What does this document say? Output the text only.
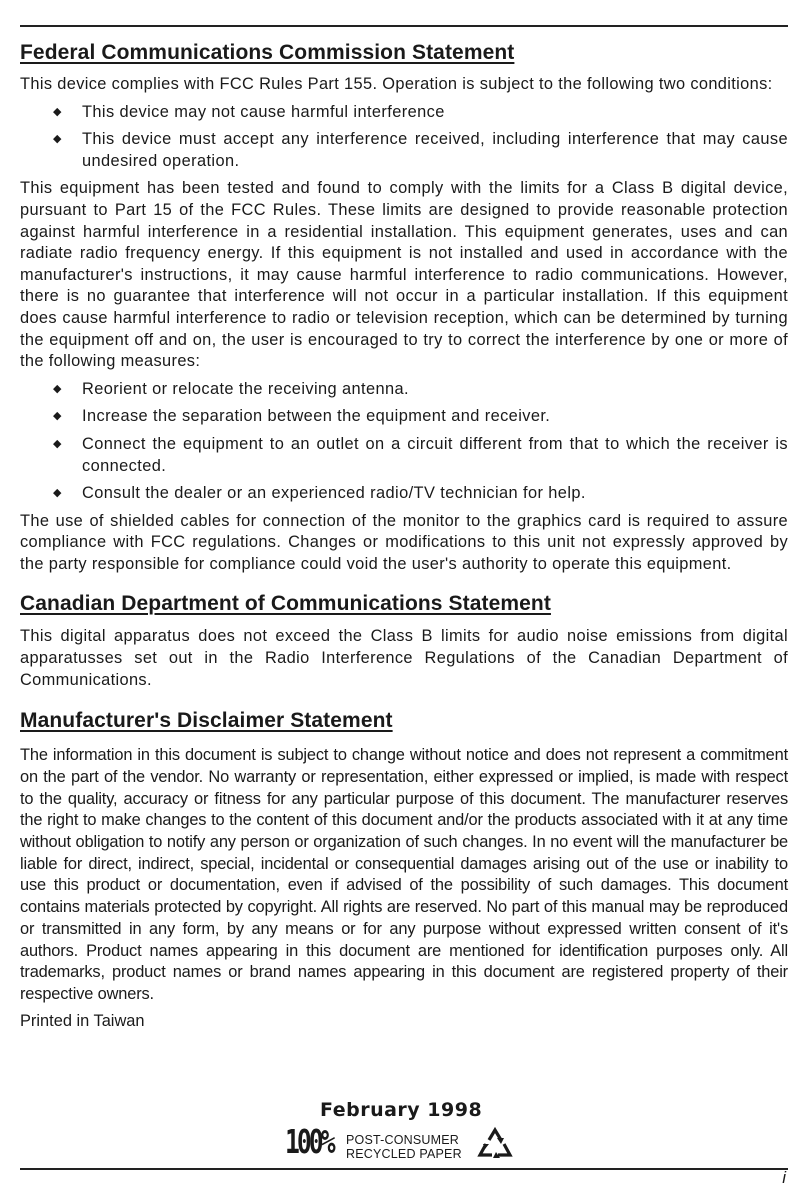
Federal Communications Commission Statement

This device complies with FCC Rules Part 155. Operation is subject to the following two conditions:

◆ This device may not cause harmful interference
◆ This device must accept any interference received, including interference that may cause undesired operation.

This equipment has been tested and found to comply with the limits for a Class B digital device, pursuant to Part 15 of the FCC Rules. These limits are designed to provide reasonable protection against harmful interference in a residential installation. This equipment generates, uses and can radiate radio frequency energy. If this equipment is not installed and used in accordance with the manufacturer's instructions, it may cause harmful interference to radio communications. However, there is no guarantee that interference will not occur in a particular installation. If this equipment does cause harmful interference to radio or television reception, which can be determined by turning the equipment off and on, the user is encouraged to try to correct the interference by one or more of the following measures:

◆ Reorient or relocate the receiving antenna.
◆ Increase the separation between the equipment and receiver.
◆ Connect the equipment to an outlet on a circuit different from that to which the receiver is connected.
◆ Consult the dealer or an experienced radio/TV technician for help.

The use of shielded cables for connection of the monitor to the graphics card is required to assure compliance with FCC regulations. Changes or modifications to this unit not expressly approved by the party responsible for compliance could void the user's authority to operate this equipment.

Canadian Department of Communications Statement

This digital apparatus does not exceed the Class B limits for audio noise emissions from digital apparatusses set out in the Radio Interference Regulations of the Canadian Department of Communications.

Manufacturer's Disclaimer Statement

The information in this document is subject to change without notice and does not represent a commitment on the part of the vendor. No warranty or representation, either expressed or implied, is made with respect to the quality, accuracy or fitness for any particular purpose of this document. The manufacturer reserves the right to make changes to the content of this document and/or the products associated with it at any time without obligation to notify any person or organization of such changes. In no event will the manufacturer be liable for direct, indirect, special, incidental or consequential damages arising out of the use or inability to use this product or documentation, even if advised of the possibility of such damages. This document contains materials protected by copyright. All rights are reserved. No part of this manual may be reproduced or transmitted in any form, by any means or for any purpose without expressed written consent of it's authors. Product names appearing in this document are mentioned for identification purposes only. All trademarks, product names or brand names appearing in this document are registered property of their respective owners.

Printed in Taiwan
February 1998
100% POST-CONSUMER
RECYCLED PAPER
i
